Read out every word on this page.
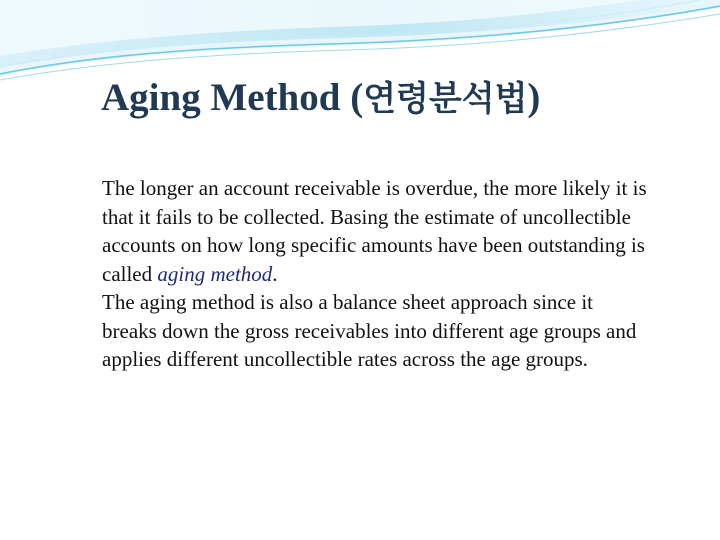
Aging Method (연령분석법)

The longer an account receivable is overdue, the more likely it is that it fails to be collected. Basing the estimate of uncollectible accounts on how long specific amounts have been outstanding is called aging method.

The aging method is also a balance sheet approach since it breaks down the gross receivables into different age groups and applies different uncollectible rates across the age groups.
